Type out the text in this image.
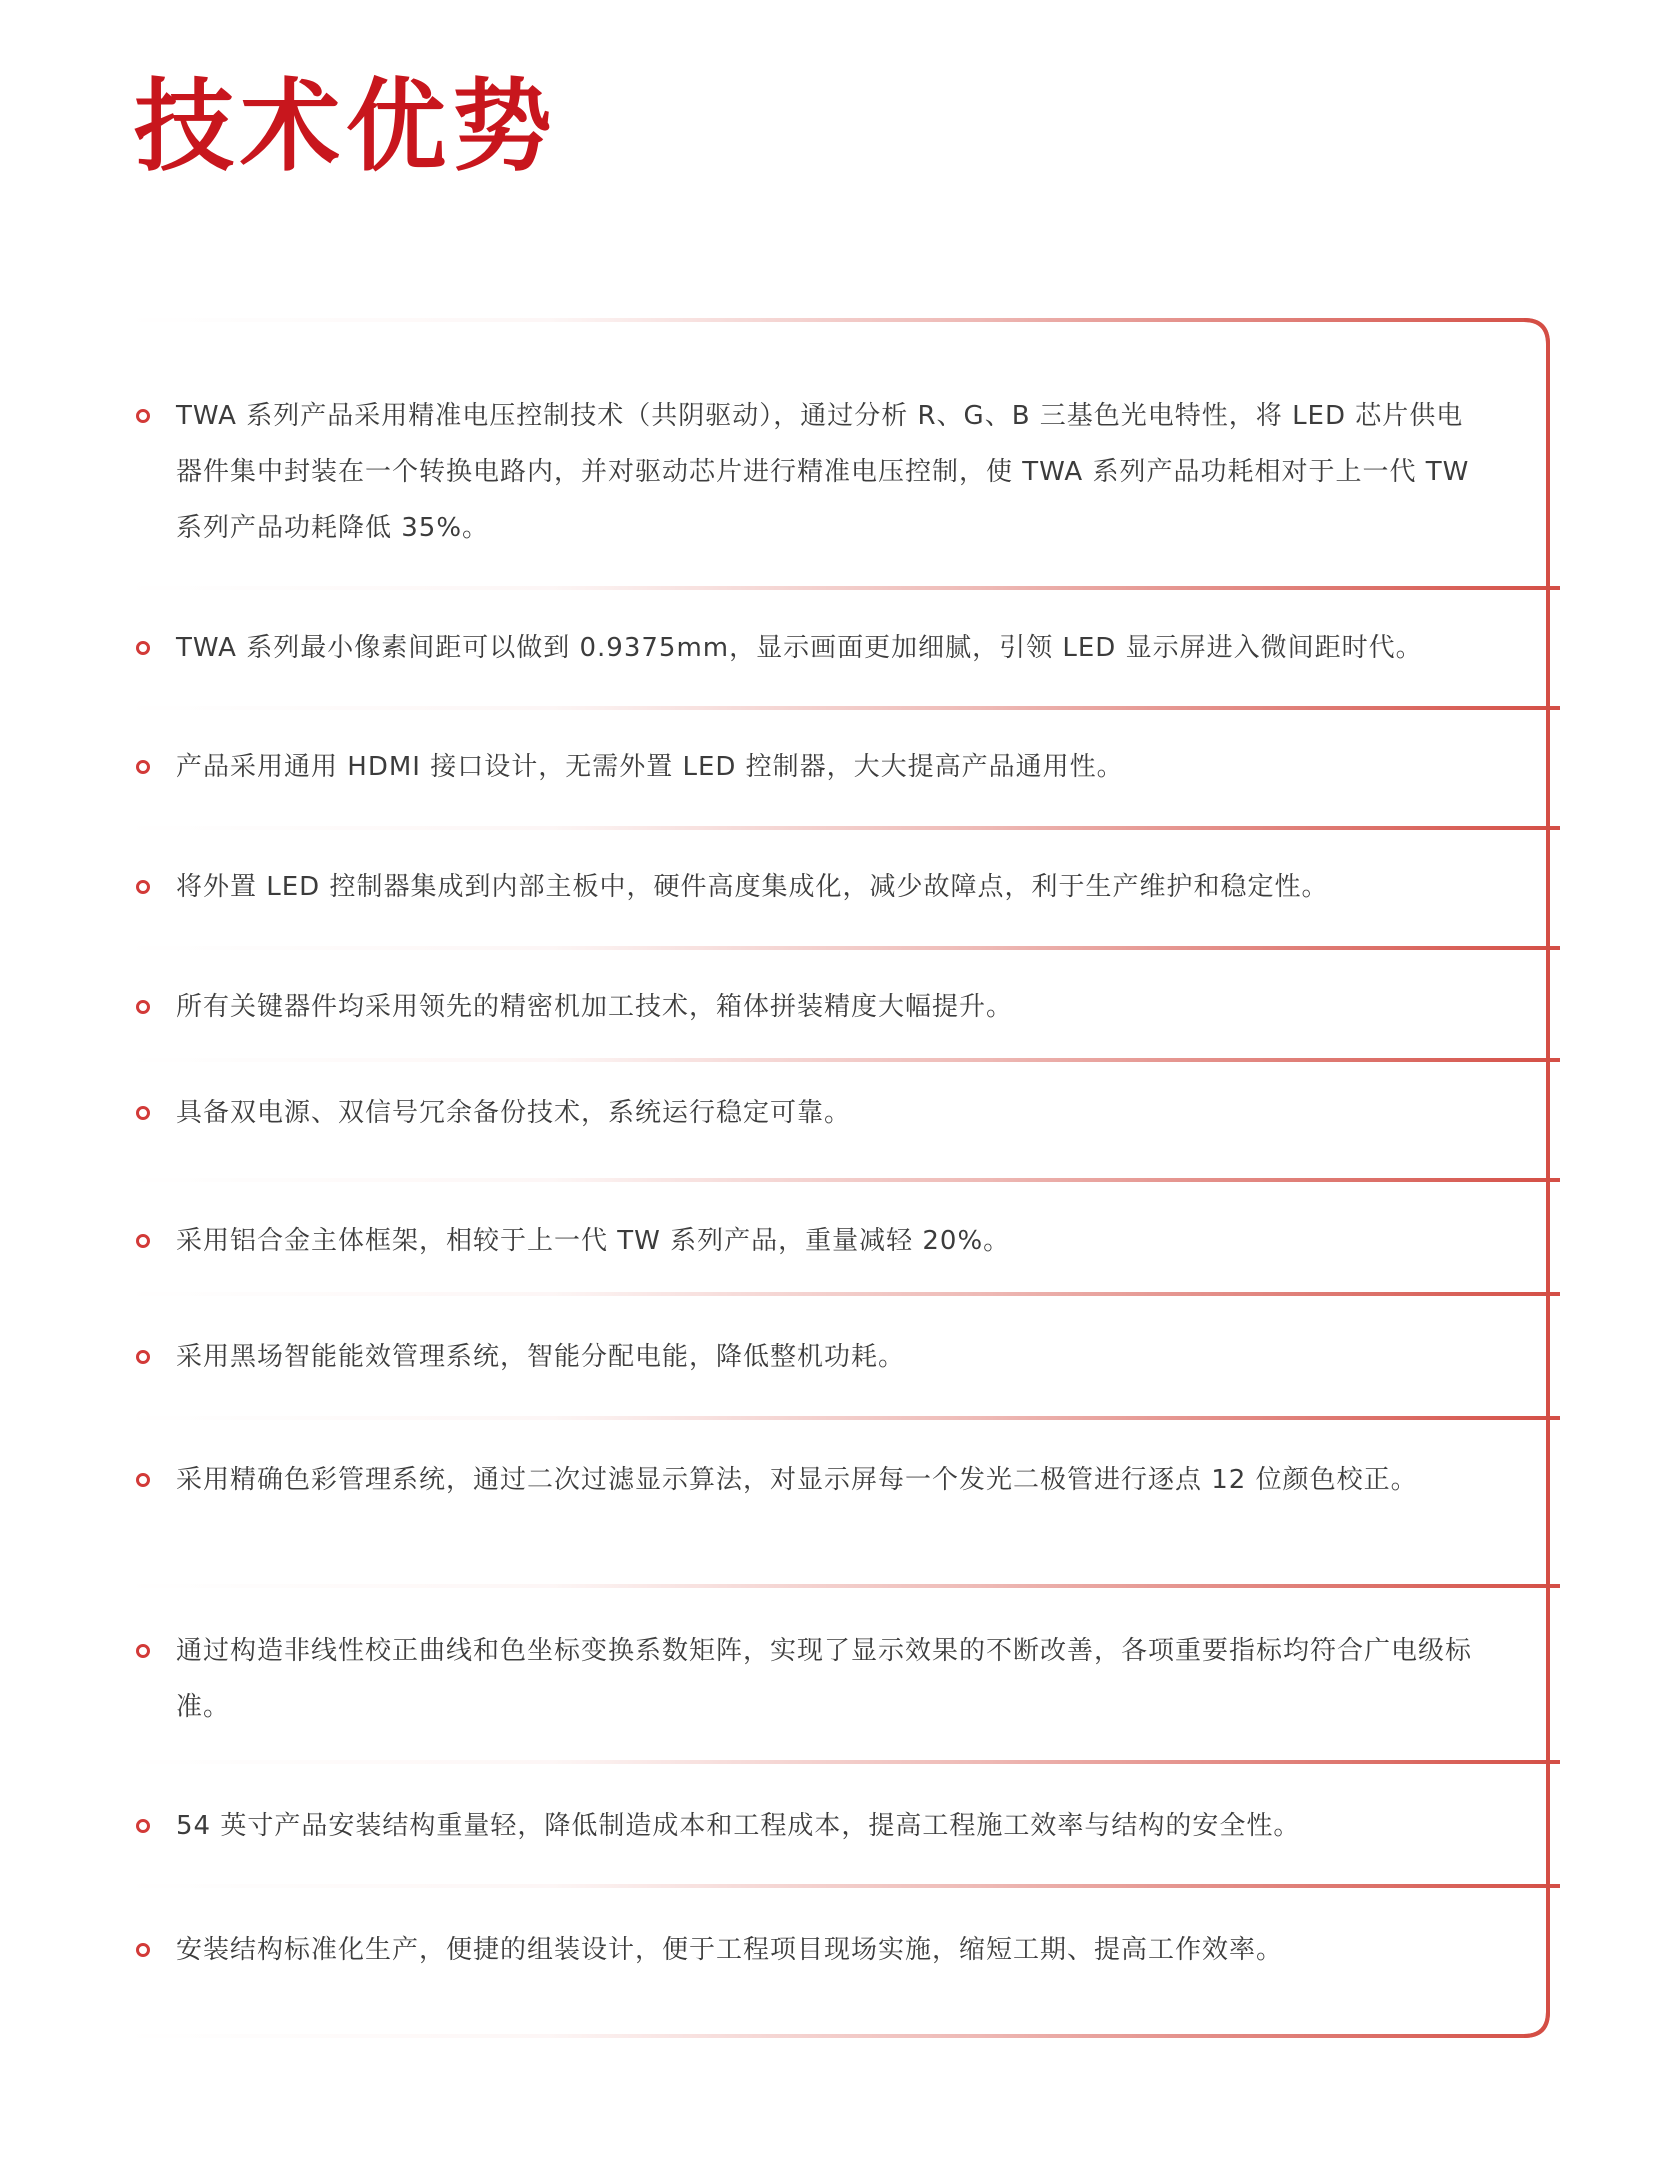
技术优势

TWA 系列产品采用精准电压控制技术（共阴驱动），通过分析 R、G、B 三基色光电特性，将 LED 芯片供电器件集中封装在一个转换电路内，并对驱动芯片进行精准电压控制，使 TWA 系列产品功耗相对于上一代 TW 系列产品功耗降低 35%。

TWA 系列最小像素间距可以做到 0.9375mm，显示画面更加细腻，引领 LED 显示屏进入微间距时代。

产品采用通用 HDMI 接口设计，无需外置 LED 控制器，大大提高产品通用性。

将外置 LED 控制器集成到内部主板中，硬件高度集成化，减少故障点，利于生产维护和稳定性。

所有关键器件均采用领先的精密机加工技术，箱体拼装精度大幅提升。

具备双电源、双信号冗余备份技术，系统运行稳定可靠。

采用铝合金主体框架，相较于上一代 TW 系列产品，重量减轻 20%。

采用黑场智能能效管理系统，智能分配电能，降低整机功耗。

采用精确色彩管理系统，通过二次过滤显示算法，对显示屏每一个发光二极管进行逐点 12 位颜色校正。

通过构造非线性校正曲线和色坐标变换系数矩阵，实现了显示效果的不断改善，各项重要指标均符合广电级标准。

54 英寸产品安装结构重量轻，降低制造成本和工程成本，提高工程施工效率与结构的安全性。

安装结构标准化生产，便捷的组装设计，便于工程项目现场实施，缩短工期、提高工作效率。
